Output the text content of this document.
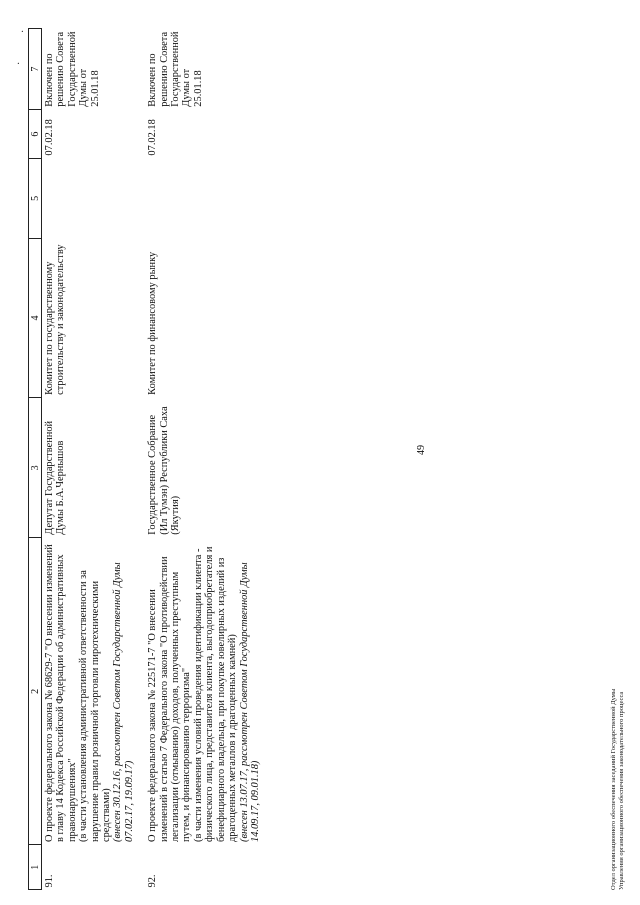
49
·
·
1	2	3	4	5	6	7
91.	О проекте федерального закона № 68629-7 "О внесении изменений в главу 14 Кодекса Российской Федерации об административных правонарушениях" (в части установления административной ответственности за нарушение правил розничной торговли пиротехническими средствами) (внесен 30.12.16, рассмотрен Советом Государственной Думы 07.02.17, 19.09.17)	Депутат Государственной Думы Б.А.Чернышов	Комитет по государственному строительству и законодательству		07.02.18	Включен по решению Совета Государственной Думы от 25.01.18
92.	О проекте федерального закона № 225171-7 "О внесении изменений в статью 7 Федерального закона "О противодействии легализации (отмыванию) доходов, полученных преступным путем, и финансированию терроризма" (в части изменения условий проведения идентификации клиента - физического лица, представителя клиента, выгодоприобретателя и бенефициарного владельца, при покупке ювелирных изделий из драгоценных металлов и драгоценных камней) (внесен 13.07.17, рассмотрен Советом Государственной Думы 14.09.17, 09.01.18)	Государственное Собрание (Ил Тумэн) Республики Саха (Якутия)	Комитет по финансовому рынку		07.02.18	Включен по решению Совета Государственной Думы от 25.01.18
Отдел организационного обеспечения заседаний Государственной Думы Управления организационного обеспечения законодательного процесса
